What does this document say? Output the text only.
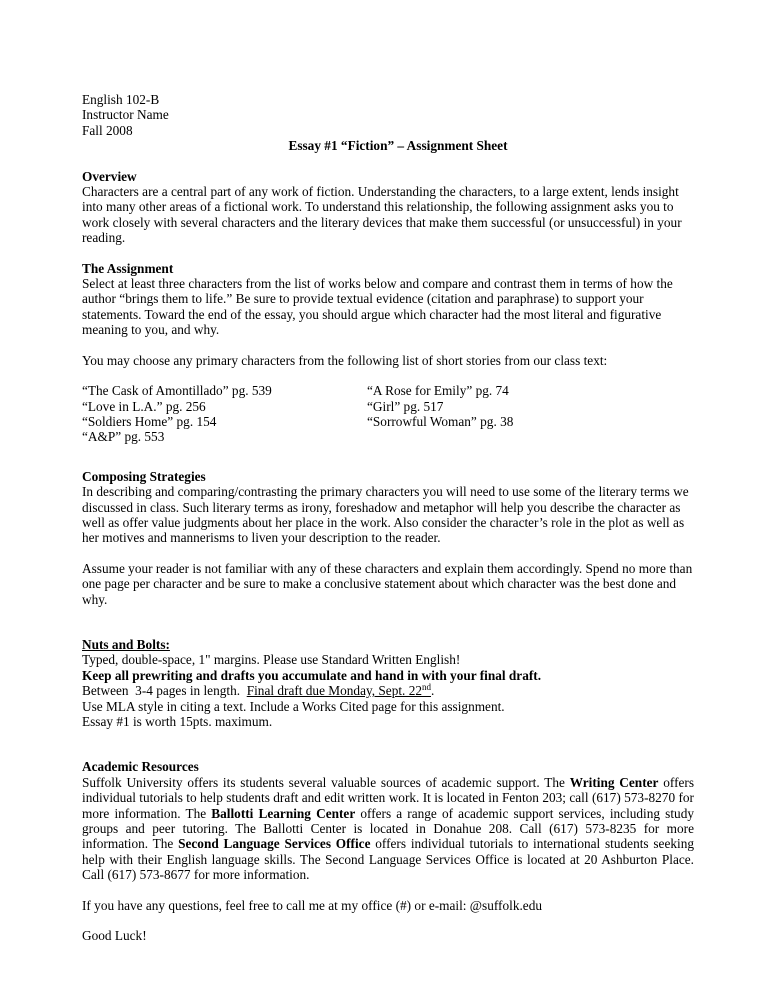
English 102-B

Instructor Name

Fall 2008

Essay #1 “Fiction” – Assignment Sheet

Overview

Characters are a central part of any work of fiction. Understanding the characters, to a large extent, lends insight into many other areas of a fictional work. To understand this relationship, the following assignment asks you to work closely with several characters and the literary devices that make them successful (or unsuccessful) in your reading.

The Assignment

Select at least three characters from the list of works below and compare and contrast them in terms of how the author “brings them to life.” Be sure to provide textual evidence (citation and paraphrase) to support your statements. Toward the end of the essay, you should argue which character had the most literal and figurative meaning to you, and why.

You may choose any primary characters from the following list of short stories from our class text:

“The Cask of Amontillado” pg. 539

“Love in L.A.” pg. 256

“Soldiers Home” pg. 154

“A&P” pg. 553

“A Rose for Emily” pg. 74

“Girl” pg. 517

“Sorrowful Woman” pg. 38

Composing Strategies

In describing and comparing/contrasting the primary characters you will need to use some of the literary terms we discussed in class. Such literary terms as irony, foreshadow and metaphor will help you describe the character as well as offer value judgments about her place in the work. Also consider the character’s role in the plot as well as her motives and mannerisms to liven your description to the reader.

Assume your reader is not familiar with any of these characters and explain them accordingly. Spend no more than one page per character and be sure to make a conclusive statement about which character was the best done and why.

Nuts and Bolts:

Typed, double-space, 1" margins. Please use Standard Written English!

Keep all prewriting and drafts you accumulate and hand in with your final draft.

Between  3-4 pages in length.  Final draft due Monday, Sept. 22nd.

Use MLA style in citing a text. Include a Works Cited page for this assignment.

Essay #1 is worth 15pts. maximum.

Academic Resources

Suffolk University offers its students several valuable sources of academic support. The Writing Center offers individual tutorials to help students draft and edit written work. It is located in Fenton 203; call (617) 573-8270 for more information. The Ballotti Learning Center offers a range of academic support services, including study groups and peer tutoring. The Ballotti Center is located in Donahue 208. Call (617) 573-8235 for more information. The Second Language Services Office offers individual tutorials to international students seeking help with their English language skills. The Second Language Services Office is located at 20 Ashburton Place. Call (617) 573-8677 for more information.

If you have any questions, feel free to call me at my office (#) or e-mail: @suffolk.edu

Good Luck!
